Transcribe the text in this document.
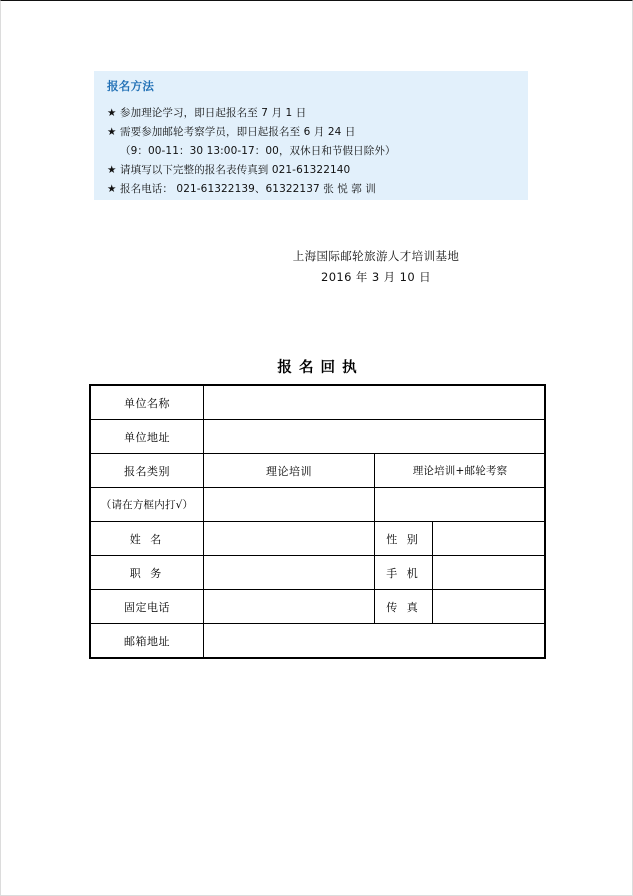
报名方法
★ 参加理论学习，即日起报名至 7 月 1 日
★ 需要参加邮轮考察学员，即日起报名至 6 月 24 日
（9：00-11：30 13:00-17：00，双休日和节假日除外）
★ 请填写以下完整的报名表传真到 021-61322140
★ 报名电话： 021-61322139、61322137 张 悦 郭 训
上海国际邮轮旅游人才培训基地
2016 年 3 月 10 日
报 名 回 执
单位名称			
单位地址			
报名类别	理论培训	理论培训+邮轮考察	
（请在方框内打√）			
姓 名		性 别	
职 务		手 机	
固定电话		传 真	
邮箱地址			
